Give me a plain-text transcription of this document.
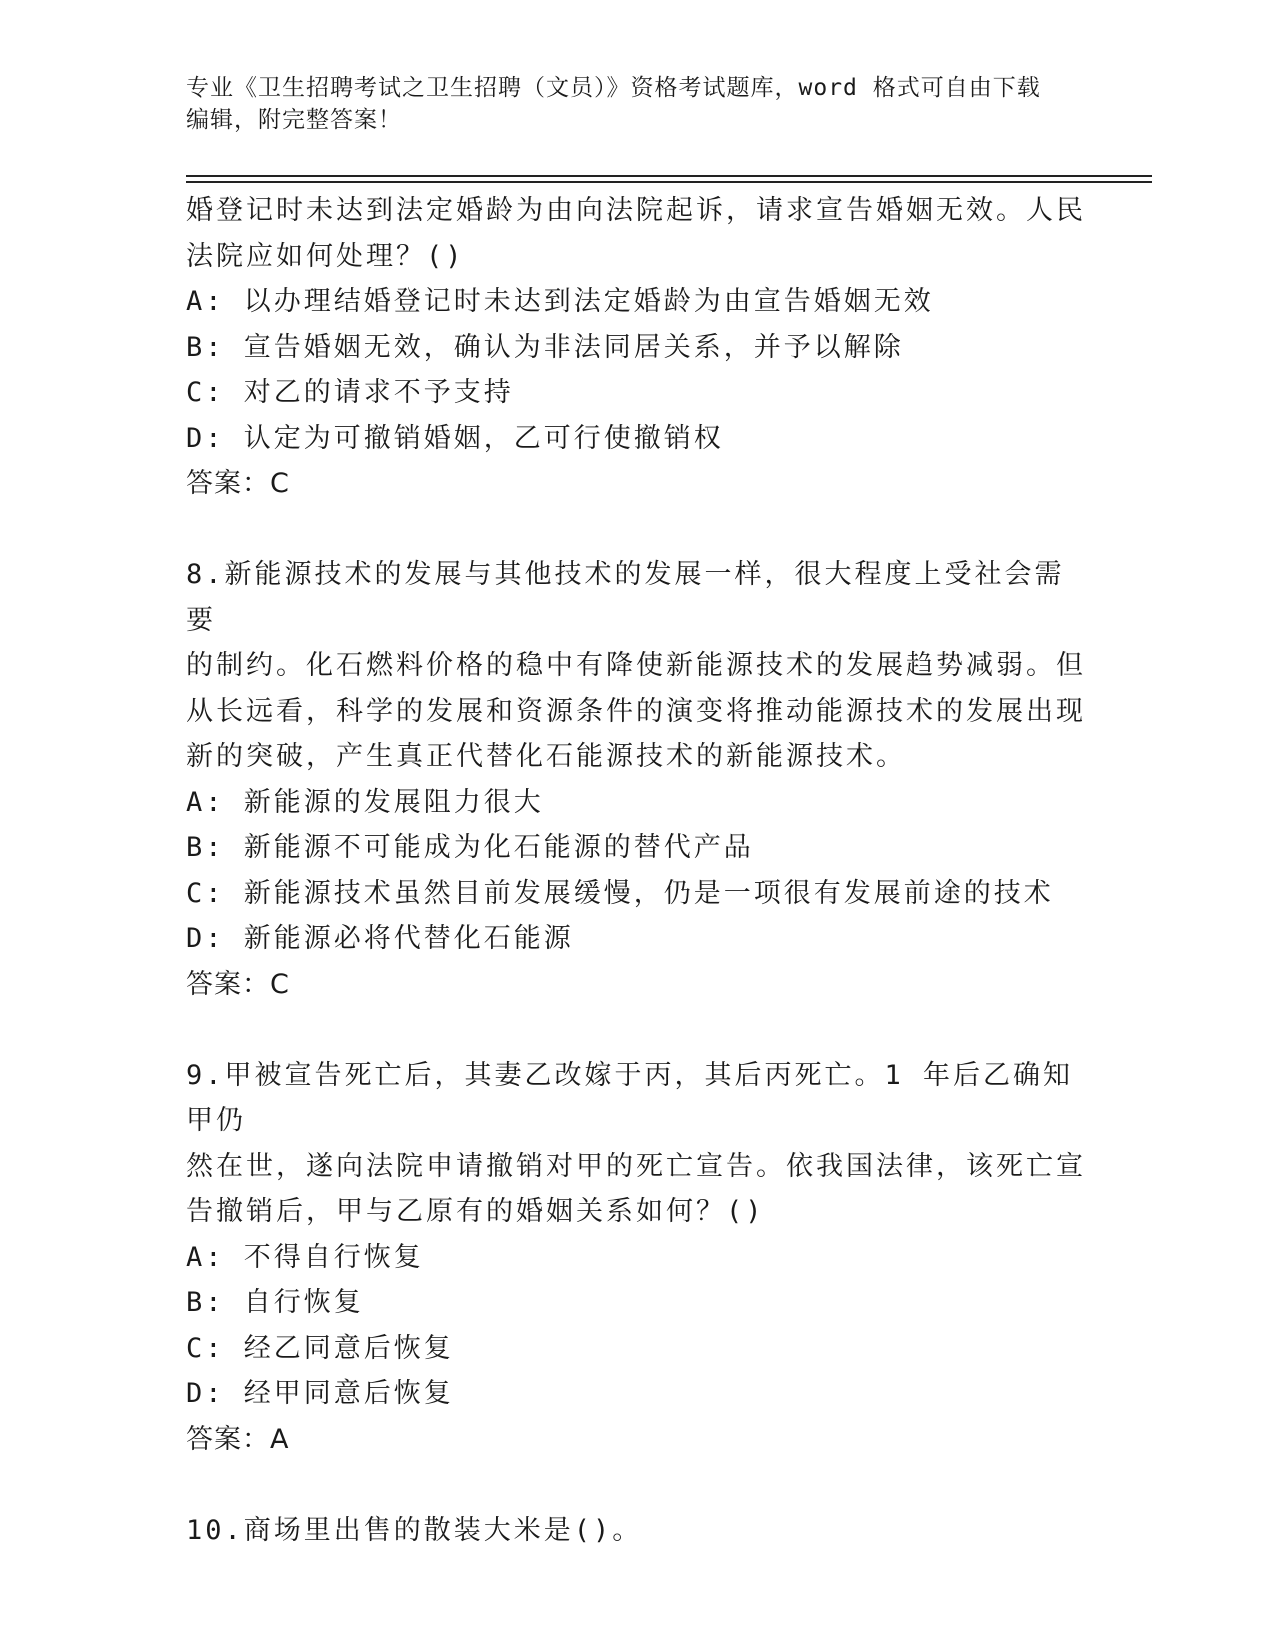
专业《卫生招聘考试之卫生招聘（文员）》资格考试题库，word 格式可自由下载
编辑，附完整答案！

婚登记时未达到法定婚龄为由向法院起诉，请求宣告婚姻无效。人民

法院应如何处理？()

A: 以办理结婚登记时未达到法定婚龄为由宣告婚姻无效

B: 宣告婚姻无效，确认为非法同居关系，并予以解除

C: 对乙的请求不予支持

D: 认定为可撤销婚姻，乙可行使撤销权

答案：C

8.新能源技术的发展与其他技术的发展一样，很大程度上受社会需要

的制约。化石燃料价格的稳中有降使新能源技术的发展趋势减弱。但

从长远看，科学的发展和资源条件的演变将推动能源技术的发展出现

新的突破，产生真正代替化石能源技术的新能源技术。

A: 新能源的发展阻力很大

B: 新能源不可能成为化石能源的替代产品

C: 新能源技术虽然目前发展缓慢，仍是一项很有发展前途的技术

D: 新能源必将代替化石能源

答案：C

9.甲被宣告死亡后，其妻乙改嫁于丙，其后丙死亡。1 年后乙确知甲仍

然在世，遂向法院申请撤销对甲的死亡宣告。依我国法律，该死亡宣

告撤销后，甲与乙原有的婚姻关系如何？()

A: 不得自行恢复

B: 自行恢复

C: 经乙同意后恢复

D: 经甲同意后恢复

答案：A

10.商场里出售的散装大米是()。
